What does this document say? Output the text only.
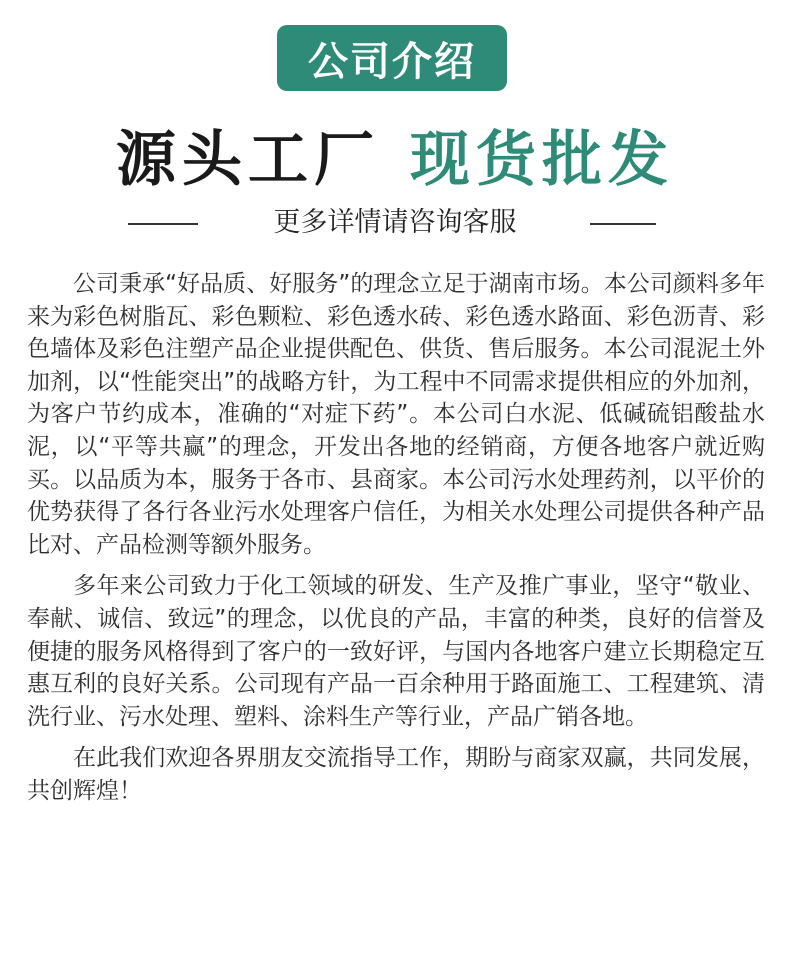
公司介绍
源头工厂 现货批发
更多详情请咨询客服

公司秉承“好品质、好服务”的理念立足于湖南市场。本公司颜料多年来为彩色树脂瓦、彩色颗粒、彩色透水砖、彩色透水路面、彩色沥青、彩色墙体及彩色注塑产品企业提供配色、供货、售后服务。本公司混泥土外加剂，以“性能突出”的战略方针，为工程中不同需求提供相应的外加剂，为客户节约成本，准确的“对症下药”。本公司白水泥、低碱硫铝酸盐水泥，以“平等共赢”的理念，开发出各地的经销商，方便各地客户就近购买。以品质为本，服务于各市、县商家。本公司污水处理药剂，以平价的优势获得了各行各业污水处理客户信任，为相关水处理公司提供各种产品比对、产品检测等额外服务。

多年来公司致力于化工领域的研发、生产及推广事业，坚守“敬业、奉献、诚信、致远”的理念，以优良的产品，丰富的种类，良好的信誉及便捷的服务风格得到了客户的一致好评，与国内各地客户建立长期稳定互惠互利的良好关系。公司现有产品一百余种用于路面施工、工程建筑、清洗行业、污水处理、塑料、涂料生产等行业，产品广销各地。

在此我们欢迎各界朋友交流指导工作，期盼与商家双赢，共同发展，共创辉煌！
